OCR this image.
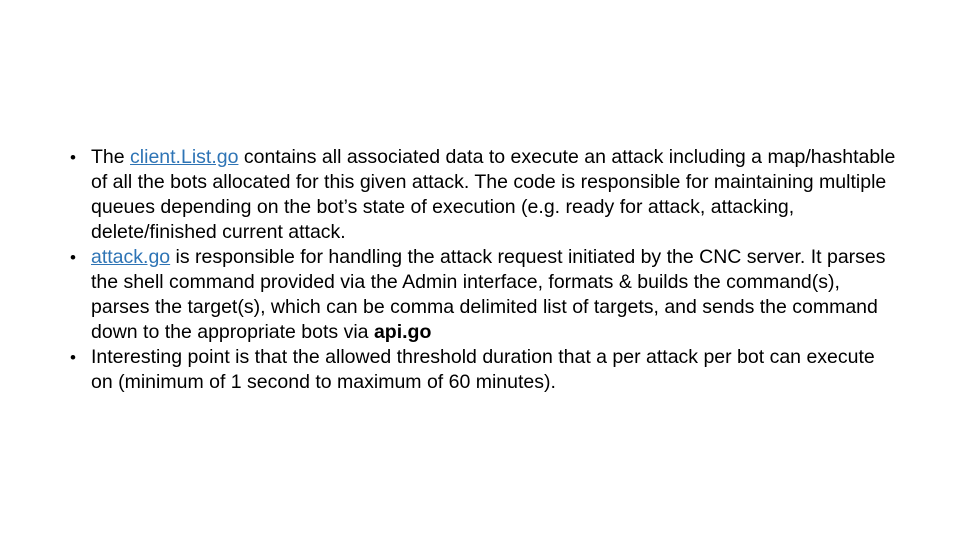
• The client.List.go contains all associated data to execute an attack including a map/hashtable of all the bots allocated for this given attack. The code is responsible for maintaining multiple queues depending on the bot’s state of execution (e.g. ready for attack, attacking, delete/finished current attack.
• attack.go is responsible for handling the attack request initiated by the CNC server. It parses the shell command provided via the Admin interface, formats & builds the command(s), parses the target(s), which can be comma delimited list of targets, and sends the command down to the appropriate bots via api.go
• Interesting point is that the allowed threshold duration that a per attack per bot can execute on (minimum of 1 second to maximum of 60 minutes).
